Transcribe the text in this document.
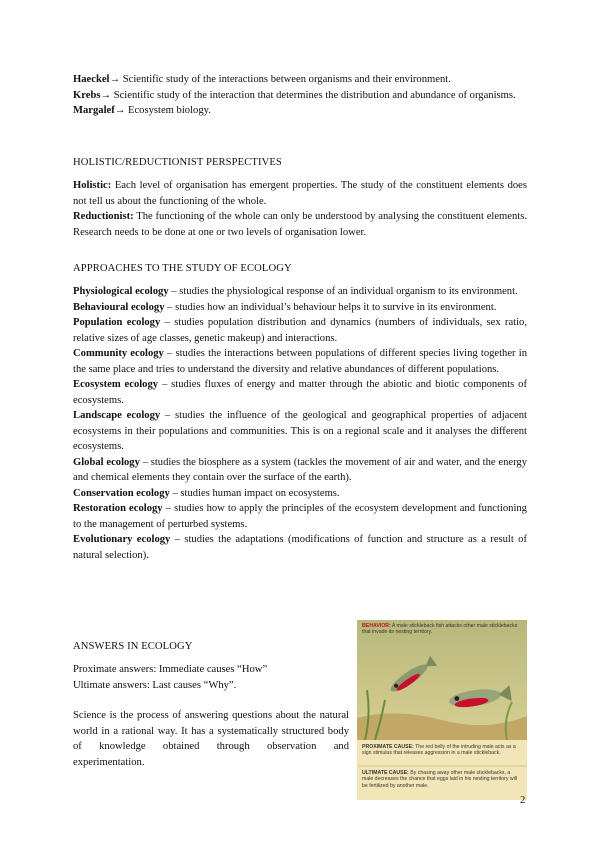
Haeckel→ Scientific study of the interactions between organisms and their environment.

Krebs→ Scientific study of the interaction that determines the distribution and abundance of organisms.

Margalef→ Ecosystem biology.

HOLISTIC/REDUCTIONIST PERSPECTIVES

Holistic: Each level of organisation has emergent properties. The study of the constituent elements does not tell us about the functioning of the whole.

Reductionist: The functioning of the whole can only be understood by analysing the constituent elements. Research needs to be done at one or two levels of organisation lower.

APPROACHES TO THE STUDY OF ECOLOGY

Physiological ecology – studies the physiological response of an individual organism to its environment.

Behavioural ecology – studies how an individual’s behaviour helps it to survive in its environment.

Population ecology – studies population distribution and dynamics (numbers of individuals, sex ratio, relative sizes of age classes, genetic makeup) and interactions.

Community ecology – studies the interactions between populations of different species living together in the same place and tries to understand the diversity and relative abundances of different populations.

Ecosystem ecology – studies fluxes of energy and matter through the abiotic and biotic components of ecosystems.

Landscape ecology – studies the influence of the geological and geographical properties of adjacent ecosystems in their populations and communities. This is on a regional scale and it analyses the different ecosystems.

Global ecology – studies the biosphere as a system (tackles the movement of air and water, and the energy and chemical elements they contain over the surface of the earth).

Conservation ecology – studies human impact on ecosystems.

Restoration ecology – studies how to apply the principles of the ecosystem development and functioning to the management of perturbed systems.

Evolutionary ecology – studies the adaptations (modifications of function and structure as a result of natural selection).

ANSWERS IN ECOLOGY

Proximate answers: Immediate causes “How”

Ultimate answers: Last causes “Why”.

Science is the process of answering questions about the natural world in a rational way. It has a systematically structured body of knowledge obtained through observation and experimentation.

BEHAVIOR: A male stickleback fish attacks other male sticklebacks that invade its nesting territory.
PROXIMATE CAUSE: The red belly of the intruding male acts as a sign stimulus that releases aggression in a male stickleback.
ULTIMATE CAUSE: By chasing away other male sticklebacks, a male decreases the chance that eggs laid in his nesting territory will be fertilized by another male.
2
